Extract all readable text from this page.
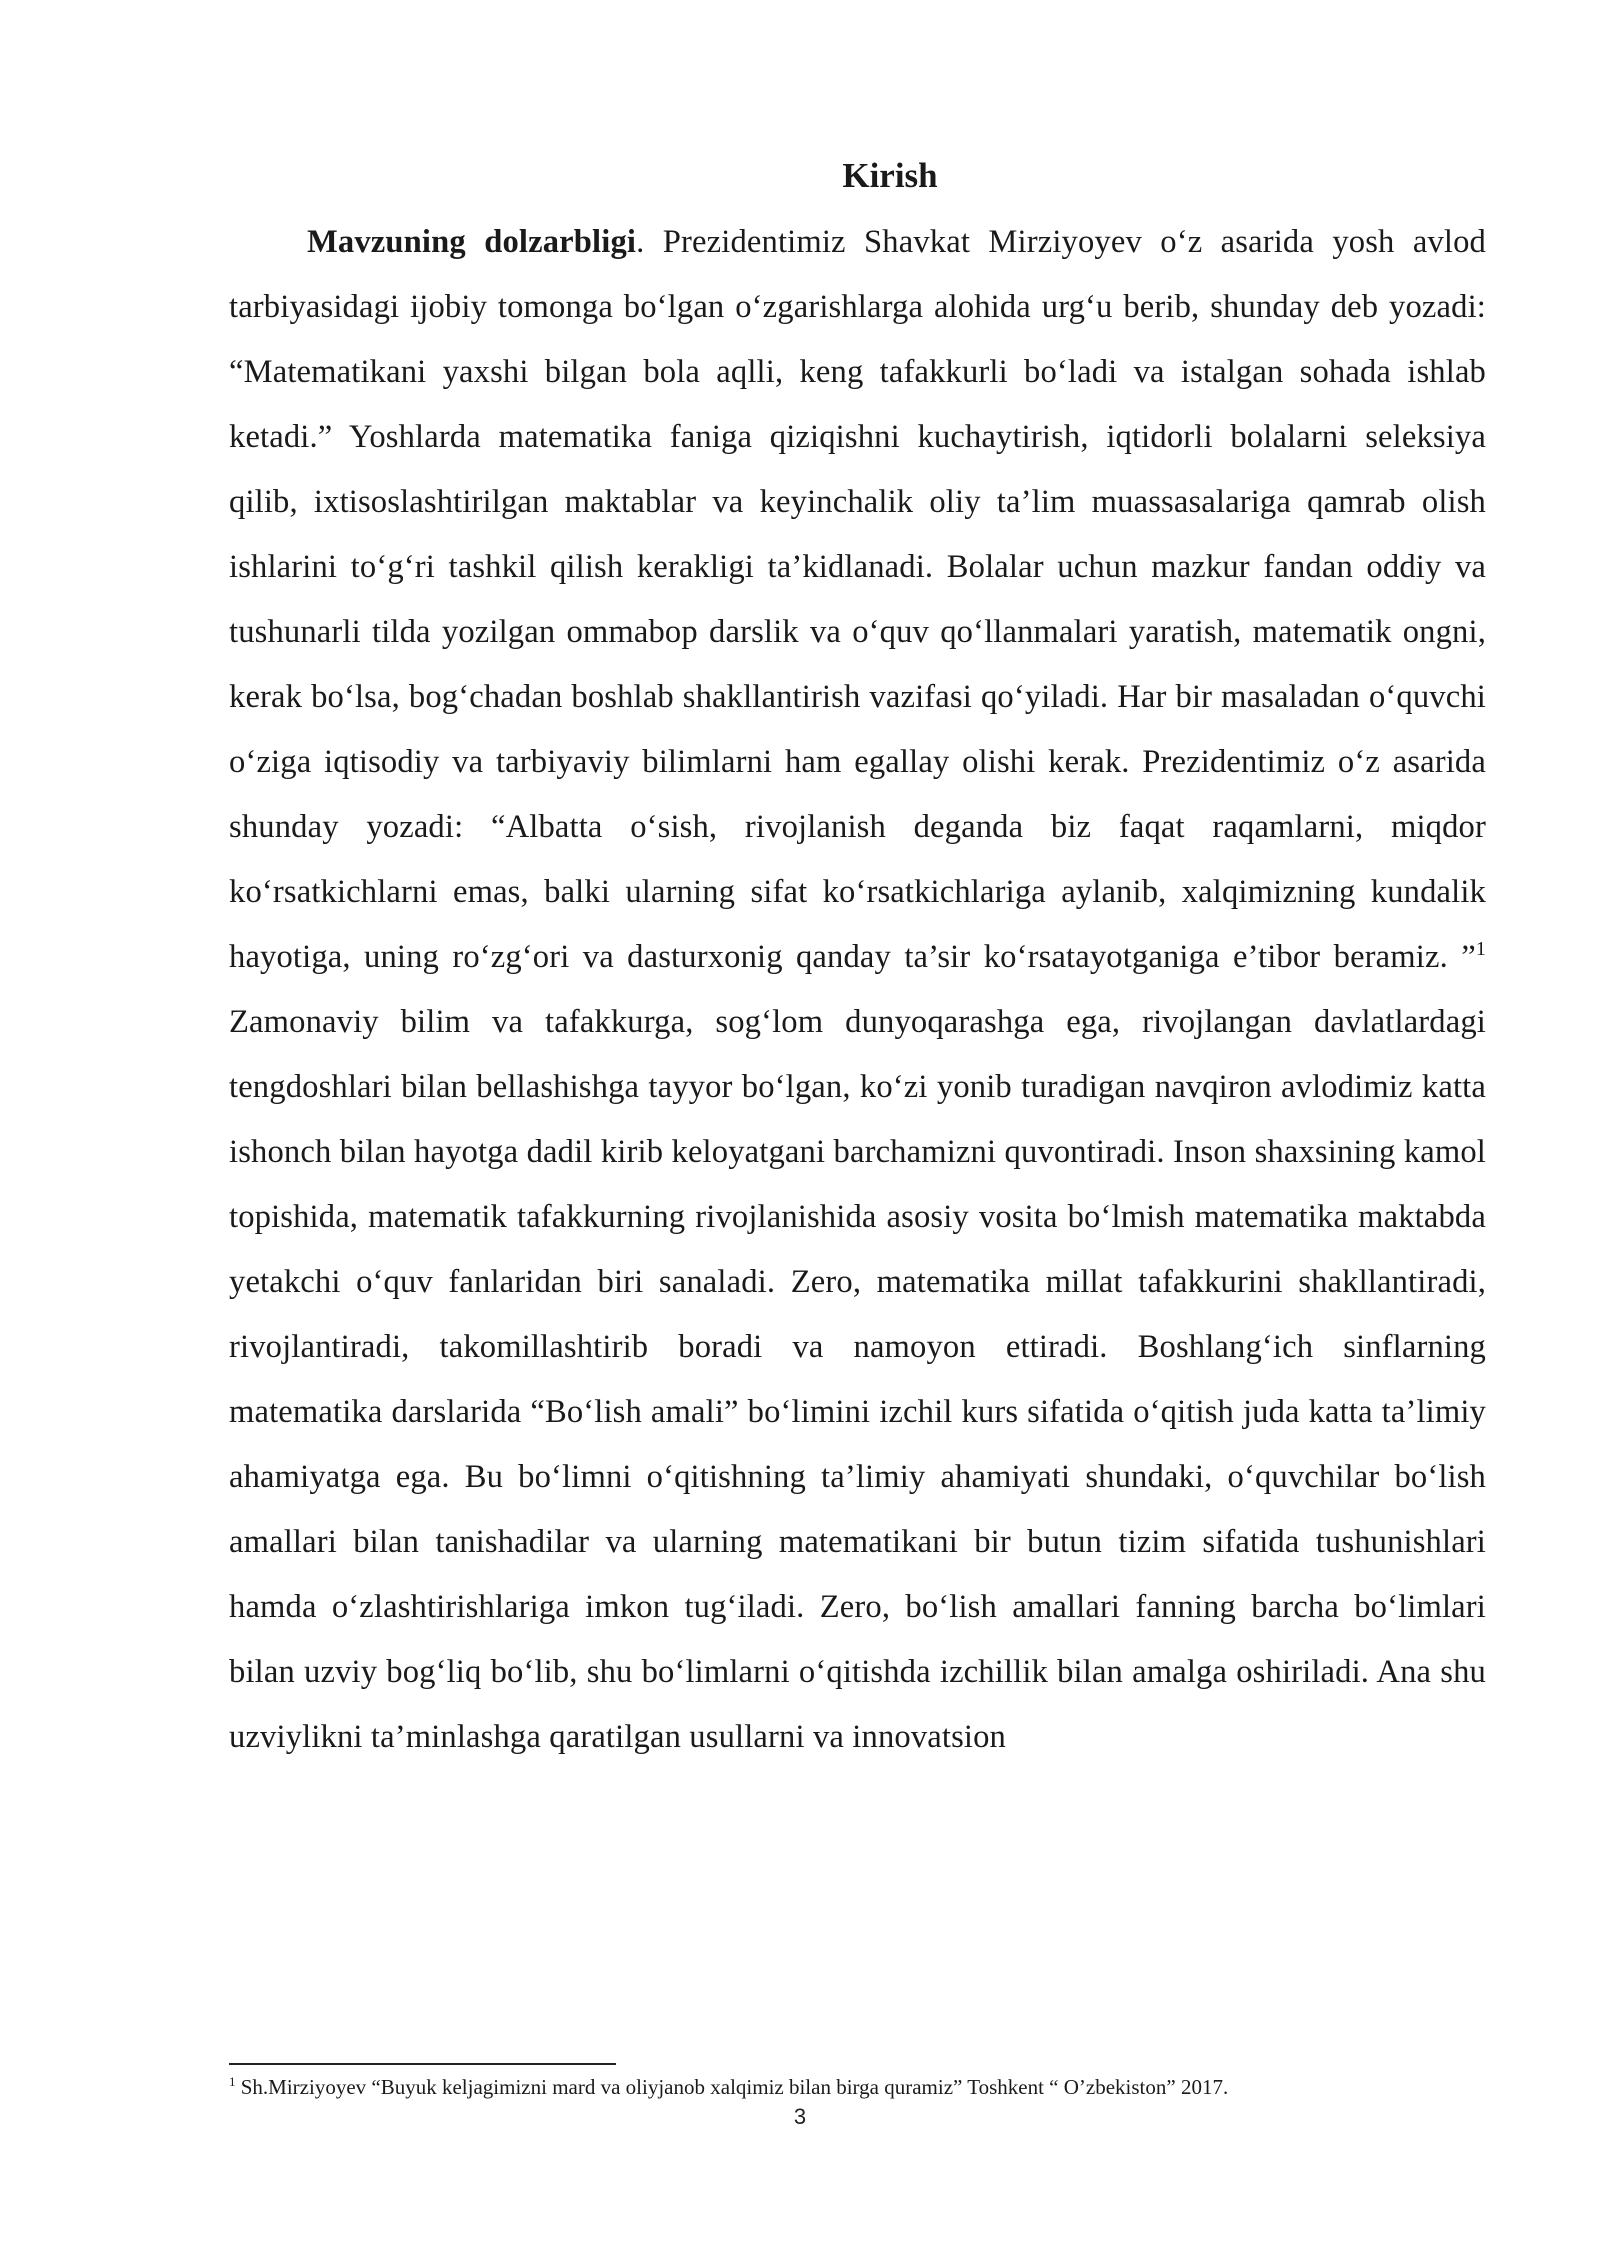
Kirish

Mavzuning dolzarbligi. Prezidentimiz Shavkat Mirziyoyev o‘z asarida yosh avlod tarbiyasidagi ijobiy tomonga bo‘lgan o‘zgarishlarga alohida urg‘u berib, shunday deb yozadi: “Matematikani yaxshi bilgan bola aqlli, keng tafakkurli bo‘ladi va istalgan sohada ishlab ketadi.” Yoshlarda matematika faniga qiziqishni kuchaytirish, iqtidorli bolalarni seleksiya qilib, ixtisoslashtirilgan maktablar va keyinchalik oliy ta’lim muassasalariga qamrab olish ishlarini to‘g‘ri tashkil qilish kerakligi ta’kidlanadi. Bolalar uchun mazkur fandan oddiy va tushunarli tilda yozilgan ommabop darslik va o‘quv qo‘llanmalari yaratish, matematik ongni, kerak bo‘lsa, bog‘chadan boshlab shakllantirish vazifasi qo‘yiladi. Har bir masaladan o‘quvchi o‘ziga iqtisodiy va tarbiyaviy bilimlarni ham egallay olishi kerak. Prezidentimiz o‘z asarida shunday yozadi: “Albatta o‘sish, rivojlanish deganda biz faqat raqamlarni, miqdor ko‘rsatkichlarni emas, balki ularning sifat ko‘rsatkichlariga aylanib, xalqimizning kundalik hayotiga, uning ro‘zg‘ori va dasturxonig qanday ta’sir ko‘rsatayotganiga e’tibor beramiz. ”$^1$ Zamonaviy bilim va tafakkurga, sog‘lom dunyoqarashga ega, rivojlangan davlatlardagi tengdoshlari bilan bellashishga tayyor bo‘lgan, ko‘zi yonib turadigan navqiron avlodimiz katta ishonch bilan hayotga dadil kirib keloyatgani barchamizni quvontiradi. Inson shaxsining kamol topishida, matematik tafakkurning rivojlanishida asosiy vosita bo‘lmish matematika maktabda yetakchi o‘quv fanlaridan biri sanaladi. Zero, matematika millat tafakkurini shakllantiradi, rivojlantiradi, takomillashtirib boradi va namoyon ettiradi. Boshlang‘ich sinflarning matematika darslarida “Bo‘lish amali” bo‘limini izchil kurs sifatida o‘qitish juda katta ta’limiy ahamiyatga ega. Bu bo‘limni o‘qitishning ta’limiy ahamiyati shundaki, o‘quvchilar bo‘lish amallari bilan tanishadilar va ularning matematikani bir butun tizim sifatida tushunishlari hamda o‘zlashtirishlariga imkon tug‘iladi. Zero, bo‘lish amallari fanning barcha bo‘limlari bilan uzviy bog‘liq bo‘lib, shu bo‘limlarni o‘qitishda izchillik bilan amalga oshiriladi. Ana shu uzviylikni ta’minlashga qaratilgan usullarni va innovatsion

$^1$ Sh.Mirziyoyev “Buyuk keljagimizni mard va oliyjanob xalqimiz bilan birga quramiz” Toshkent “ O’zbekiston” 2017.

3
